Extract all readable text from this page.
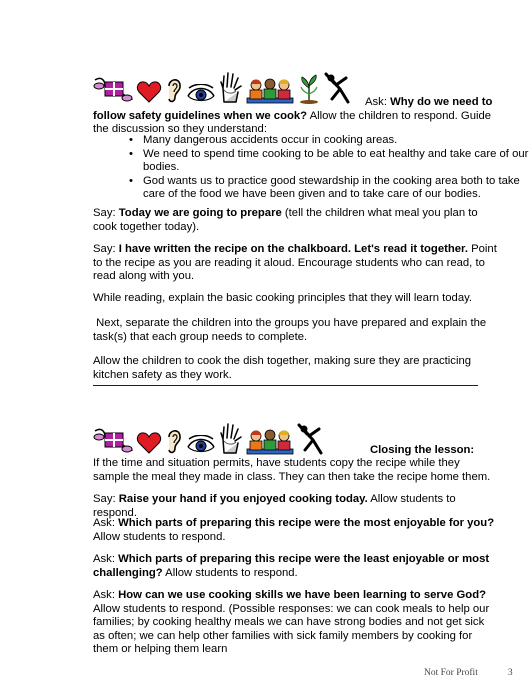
Ask: Why do we need to follow safety guidelines when we cook? Allow the children to respond. Guide the discussion so they understand:

• Many dangerous accidents occur in cooking areas.
• We need to spend time cooking to be able to eat healthy and take care of our bodies.
• God wants us to practice good stewardship in the cooking area both to take care of the food we have been given and to take care of our bodies.

Say: Today we are going to prepare (tell the children what meal you plan to cook together today).

Say: I have written the recipe on the chalkboard. Let's read it together. Point to the recipe as you are reading it aloud. Encourage students who can read, to read along with you.

While reading, explain the basic cooking principles that they will learn today.

Next, separate the children into the groups you have prepared and explain the task(s) that each group needs to complete.

Allow the children to cook the dish together, making sure they are practicing kitchen safety as they work.

Closing the lesson:

If the time and situation permits, have students copy the recipe while they sample the meal they made in class. They can then take the recipe home them.

Say: Raise your hand if you enjoyed cooking today. Allow students to respond.

Ask: Which parts of preparing this recipe were the most enjoyable for you? Allow students to respond.

Ask: Which parts of preparing this recipe were the least enjoyable or most challenging? Allow students to respond.

Ask: How can we use cooking skills we have been learning to serve God? Allow students to respond. (Possible responses: we can cook meals to help our families; by cooking healthy meals we can have strong bodies and not get sick as often; we can help other families with sick family members by cooking for them or helping them learn

Not For Profit	3
